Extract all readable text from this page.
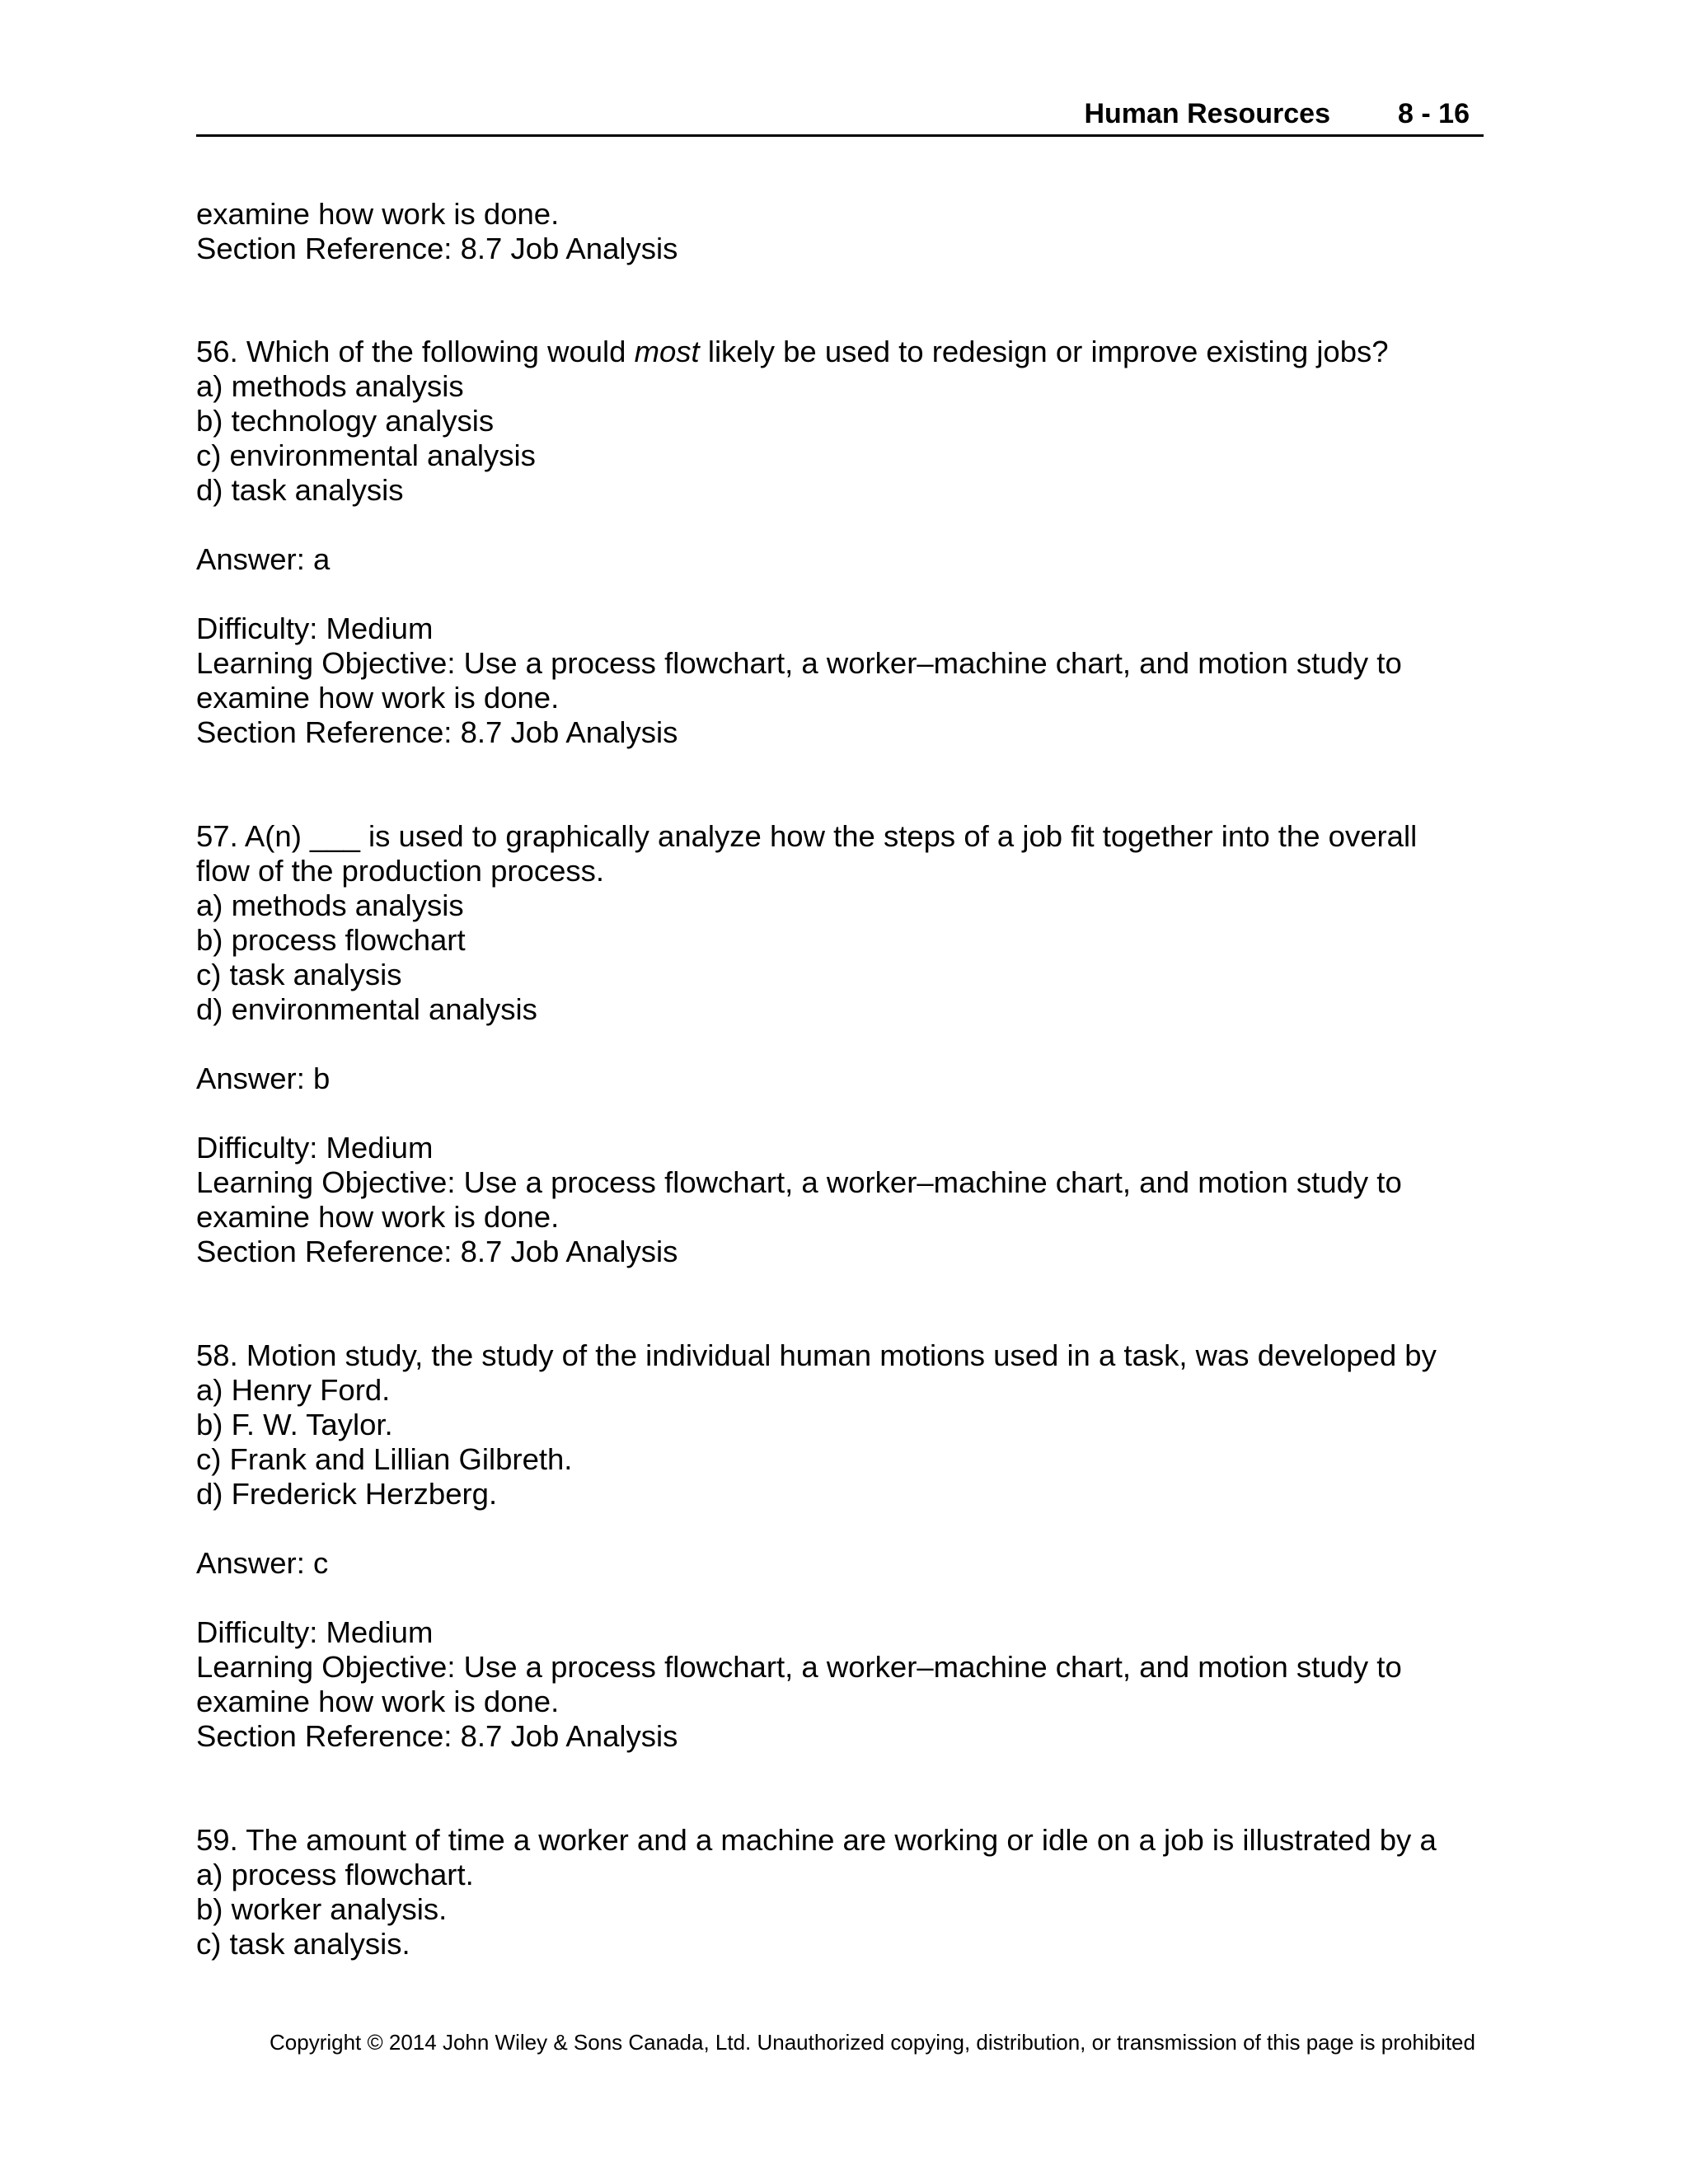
Human Resources 8 - 16
examine how work is done.
Section Reference: 8.7 Job Analysis
56. Which of the following would most likely be used to redesign or improve existing jobs?
a) methods analysis
b) technology analysis
c) environmental analysis
d) task analysis
Answer: a
Difficulty: Medium
Learning Objective: Use a process flowchart, a worker–machine chart, and motion study to
examine how work is done.
Section Reference: 8.7 Job Analysis
57. A(n) ___ is used to graphically analyze how the steps of a job fit together into the overall
flow of the production process.
a) methods analysis
b) process flowchart
c) task analysis
d) environmental analysis
Answer: b
Difficulty: Medium
Learning Objective: Use a process flowchart, a worker–machine chart, and motion study to
examine how work is done.
Section Reference: 8.7 Job Analysis
58. Motion study, the study of the individual human motions used in a task, was developed by
a) Henry Ford.
b) F. W. Taylor.
c) Frank and Lillian Gilbreth.
d) Frederick Herzberg.
Answer: c
Difficulty: Medium
Learning Objective: Use a process flowchart, a worker–machine chart, and motion study to
examine how work is done.
Section Reference: 8.7 Job Analysis
59. The amount of time a worker and a machine are working or idle on a job is illustrated by a
a) process flowchart.
b) worker analysis.
c) task analysis.
Copyright © 2014 John Wiley & Sons Canada, Ltd. Unauthorized copying, distribution, or transmission of this page is prohibited
